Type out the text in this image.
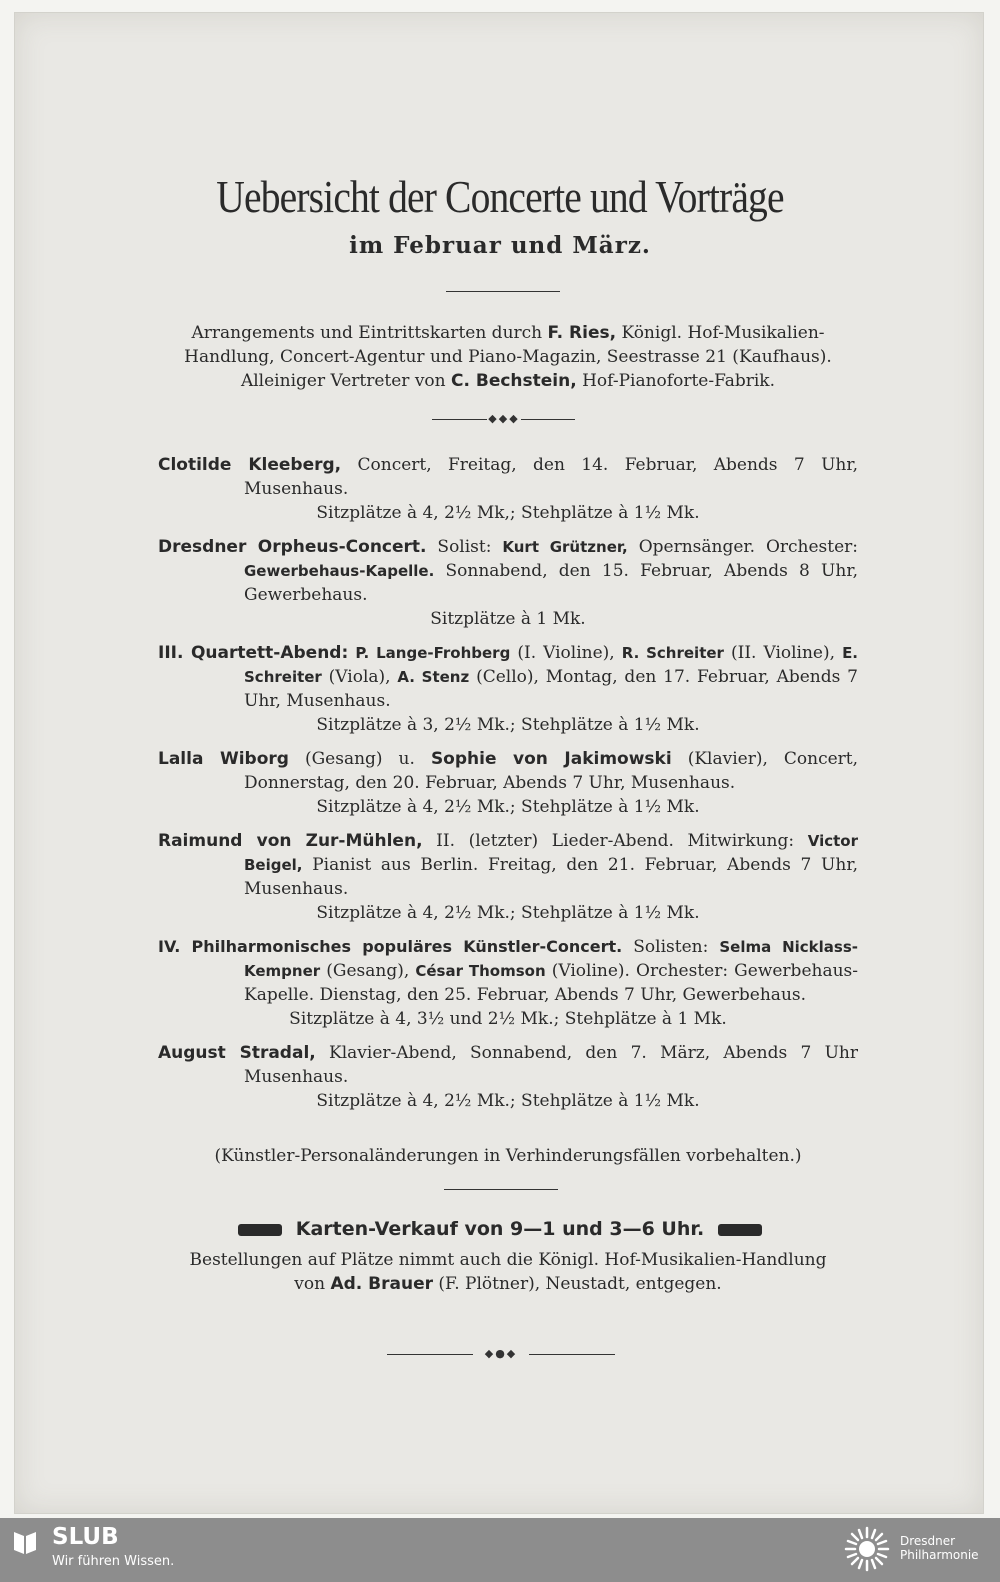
Uebersicht der Concerte und Vorträge
im Februar und März.
Arrangements und Eintrittskarten durch F. Ries, Königl. Hof-Musikalien-
Handlung, Concert-Agentur und Piano-Magazin, Seestrasse 21 (Kaufhaus).
Alleiniger Vertreter von C. Bechstein, Hof-Pianoforte-Fabrik.
◆◆◆
Clotilde Kleeberg, Concert, Freitag, den 14. Februar, Abends 7 Uhr, Musenhaus.
Sitzplätze à 4, 2½ Mk,; Stehplätze à 1½ Mk.
Dresdner Orpheus-Concert. Solist: Kurt Grützner, Opernsänger. Orchester: Gewerbehaus-Kapelle. Sonnabend, den 15. Februar, Abends 8 Uhr, Gewerbehaus.
Sitzplätze à 1 Mk.
III. Quartett-Abend: P. Lange-Frohberg (I. Violine), R. Schreiter (II. Violine), E. Schreiter (Viola), A. Stenz (Cello), Montag, den 17. Februar, Abends 7 Uhr, Musenhaus.
Sitzplätze à 3, 2½ Mk.; Stehplätze à 1½ Mk.
Lalla Wiborg (Gesang) u. Sophie von Jakimowski (Klavier), Concert, Donnerstag, den 20. Februar, Abends 7 Uhr, Musenhaus.
Sitzplätze à 4, 2½ Mk.; Stehplätze à 1½ Mk.
Raimund von Zur-Mühlen, II. (letzter) Lieder-Abend. Mitwirkung: Victor Beigel, Pianist aus Berlin. Freitag, den 21. Februar, Abends 7 Uhr, Musenhaus.
Sitzplätze à 4, 2½ Mk.; Stehplätze à 1½ Mk.
IV. Philharmonisches populäres Künstler-Concert. Solisten: Selma Nicklass-Kempner (Gesang), César Thomson (Violine). Orchester: Gewerbehaus-Kapelle. Dienstag, den 25. Februar, Abends 7 Uhr, Gewerbehaus.
Sitzplätze à 4, 3½ und 2½ Mk.; Stehplätze à 1 Mk.
August Stradal, Klavier-Abend, Sonnabend, den 7. März, Abends 7 Uhr Musenhaus.
Sitzplätze à 4, 2½ Mk.; Stehplätze à 1½ Mk.
(Künstler-Personaländerungen in Verhinderungsfällen vorbehalten.)
Karten-Verkauf von 9—1 und 3—6 Uhr.
Bestellungen auf Plätze nimmt auch die Königl. Hof-Musikalien-Handlung
von Ad. Brauer (F. Plötner), Neustadt, entgegen.
◆●◆
SLUB
Wir führen Wissen.
Dresdner
Philharmonie
